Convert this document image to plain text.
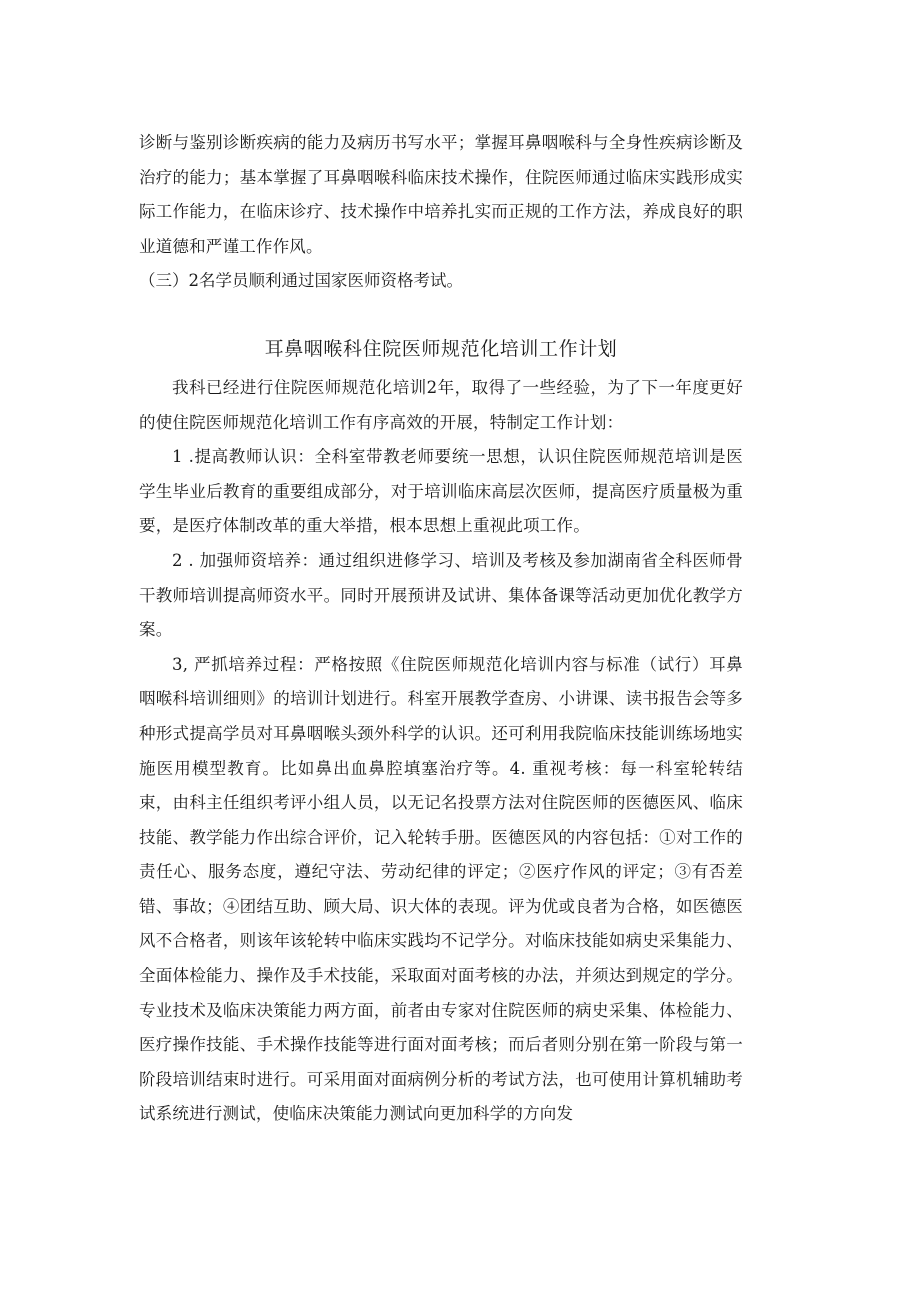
诊断与鉴别诊断疾病的能力及病历书写水平；掌握耳鼻咽喉科与全身性疾病诊断及治疗的能力；基本掌握了耳鼻咽喉科临床技术操作，住院医师通过临床实践形成实际工作能力，在临床诊疗、技术操作中培养扎实而正规的工作方法，养成良好的职业道德和严谨工作作风。

（三）2名学员顺利通过国家医师资格考试。

耳鼻咽喉科住院医师规范化培训工作计划

我科已经进行住院医师规范化培训2年，取得了一些经验，为了下一年度更好的使住院医师规范化培训工作有序高效的开展，特制定工作计划：

1 .提高教师认识：全科室带教老师要统一思想，认识住院医师规范培训是医学生毕业后教育的重要组成部分，对于培训临床高层次医师，提高医疗质量极为重要，是医疗体制改革的重大举措，根本思想上重视此项工作。

2 . 加强师资培养：通过组织进修学习、培训及考核及参加湖南省全科医师骨干教师培训提高师资水平。同时开展预讲及试讲、集体备课等活动更加优化教学方案。

3, 严抓培养过程：严格按照《住院医师规范化培训内容与标准（试行）耳鼻咽喉科培训细则》的培训计划进行。科室开展教学查房、小讲课、读书报告会等多种形式提高学员对耳鼻咽喉头颈外科学的认识。还可利用我院临床技能训练场地实施医用模型教育。比如鼻出血鼻腔填塞治疗等。4. 重视考核：每一科室轮转结束，由科主任组织考评小组人员，以无记名投票方法对住院医师的医德医风、临床技能、教学能力作出综合评价，记入轮转手册。医德医风的内容包括：①对工作的责任心、服务态度，遵纪守法、劳动纪律的评定；②医疗作风的评定；③有否差错、事故；④团结互助、顾大局、识大体的表现。评为优或良者为合格，如医德医风不合格者，则该年该轮转中临床实践均不记学分。对临床技能如病史采集能力、全面体检能力、操作及手术技能，采取面对面考核的办法，并须达到规定的学分。专业技术及临床决策能力两方面，前者由专家对住院医师的病史采集、体检能力、医疗操作技能、手术操作技能等进行面对面考核；而后者则分别在第一阶段与第一阶段培训结束时进行。可采用面对面病例分析的考试方法，也可使用计算机辅助考试系统进行测试，使临床决策能力测试向更加科学的方向发
